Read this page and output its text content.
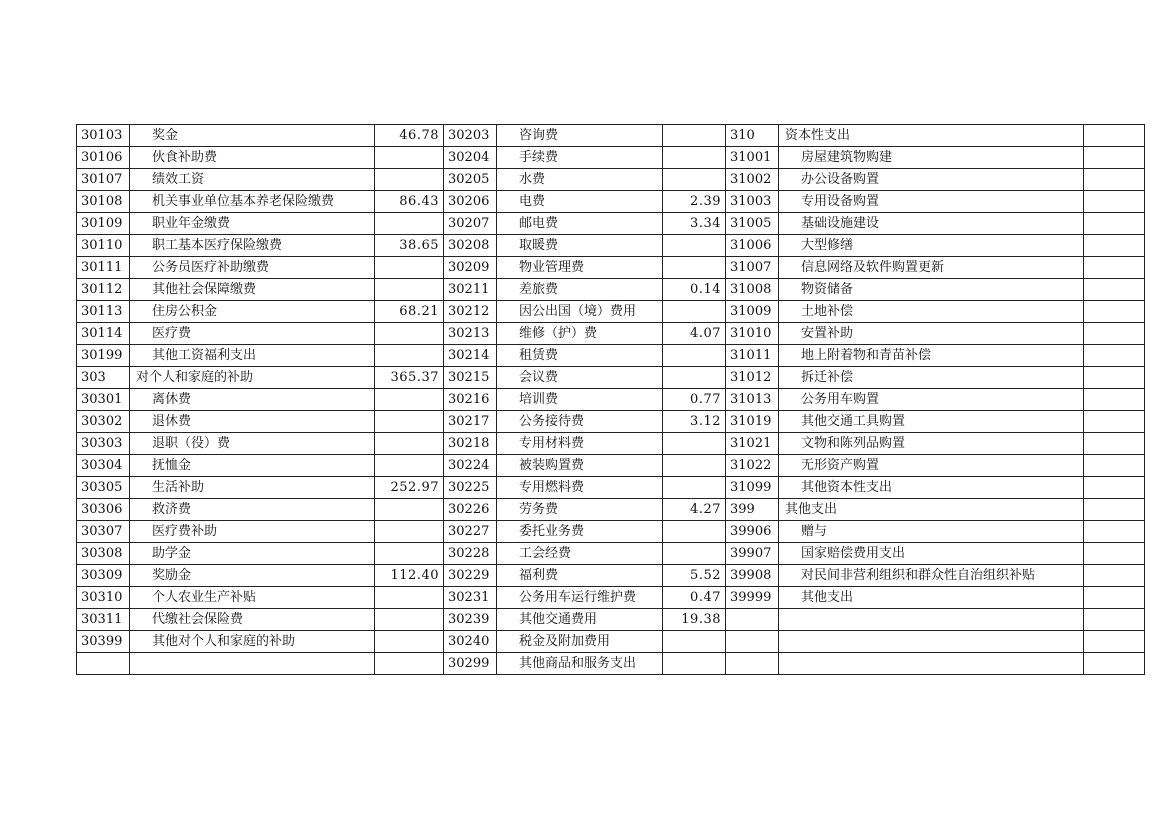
30103	奖金	46.78	30203	咨询费		310	资本性支出	
30106	伙食补助费		30204	手续费		31001	房屋建筑物购建	
30107	绩效工资		30205	水费		31002	办公设备购置	
30108	机关事业单位基本养老保险缴费	86.43	30206	电费	2.39	31003	专用设备购置	
30109	职业年金缴费		30207	邮电费	3.34	31005	基础设施建设	
30110	职工基本医疗保险缴费	38.65	30208	取暖费		31006	大型修缮	
30111	公务员医疗补助缴费		30209	物业管理费		31007	信息网络及软件购置更新	
30112	其他社会保障缴费		30211	差旅费	0.14	31008	物资储备	
30113	住房公积金	68.21	30212	因公出国（境）费用		31009	土地补偿	
30114	医疗费		30213	维修（护）费	4.07	31010	安置补助	
30199	其他工资福利支出		30214	租赁费		31011	地上附着物和青苗补偿	
303	对个人和家庭的补助	365.37	30215	会议费		31012	拆迁补偿	
30301	离休费		30216	培训费	0.77	31013	公务用车购置	
30302	退休费		30217	公务接待费	3.12	31019	其他交通工具购置	
30303	退职（役）费		30218	专用材料费		31021	文物和陈列品购置	
30304	抚恤金		30224	被装购置费		31022	无形资产购置	
30305	生活补助	252.97	30225	专用燃料费		31099	其他资本性支出	
30306	救济费		30226	劳务费	4.27	399	其他支出	
30307	医疗费补助		30227	委托业务费		39906	赠与	
30308	助学金		30228	工会经费		39907	国家赔偿费用支出	
30309	奖励金	112.40	30229	福利费	5.52	39908	对民间非营利组织和群众性自治组织补贴	
30310	个人农业生产补贴		30231	公务用车运行维护费	0.47	39999	其他支出	
30311	代缴社会保险费		30239	其他交通费用	19.38			
30399	其他对个人和家庭的补助		30240	税金及附加费用				
			30299	其他商品和服务支出				
